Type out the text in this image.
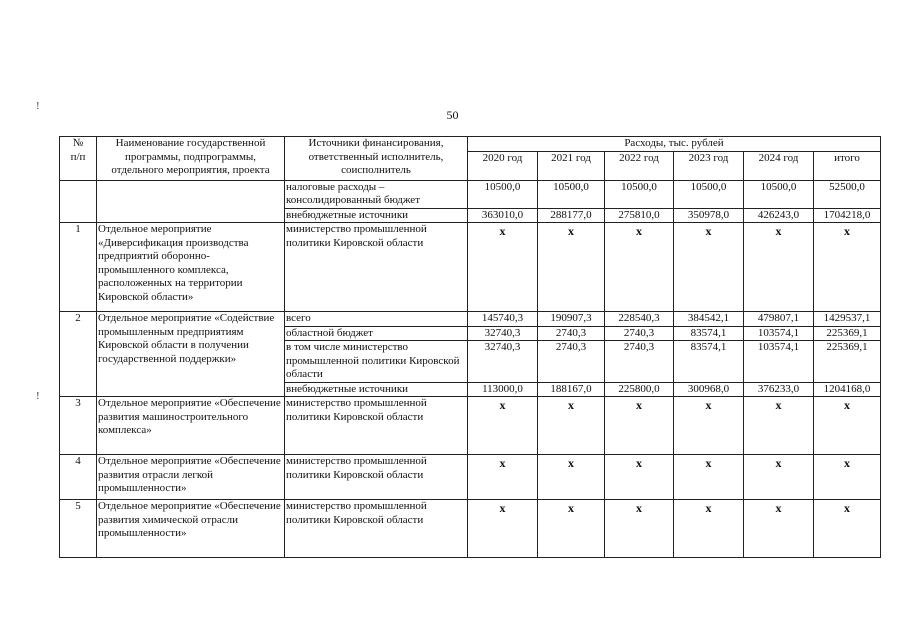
!
!
50
№
п/п	Наименование государственной программы, подпрограммы, отдельного мероприятия, проекта	Источники финансирования, ответственный исполнитель, соисполнитель	Расходы, тыс. рублей					
			2020 год	2021 год	2022 год	2023 год	2024 год	итого
		налоговые расходы – консолидированный бюджет	10500,0	10500,0	10500,0	10500,0	10500,0	52500,0
		внебюджетные источники	363010,0	288177,0	275810,0	350978,0	426243,0	1704218,0
1	Отдельное мероприятие «Диверсификация производства предприятий оборонно-промышленного комплекса, расположенных на территории Кировской области»	министерство промышленной политики Кировской области	x	x	x	x	x	x
2	Отдельное мероприятие «Содействие промышленным предприятиям Кировской области в получении государственной поддержки»	всего	145740,3	190907,3	228540,3	384542,1	479807,1	1429537,1
		областной бюджет	32740,3	2740,3	2740,3	83574,1	103574,1	225369,1
		в том числе министерство промышленной политики Кировской области	32740,3	2740,3	2740,3	83574,1	103574,1	225369,1
		внебюджетные источники	113000,0	188167,0	225800,0	300968,0	376233,0	1204168,0
3	Отдельное мероприятие «Обеспечение развития машиностроительного комплекса»	министерство промышленной политики Кировской области	x	x	x	x	x	x
4	Отдельное мероприятие «Обеспечение развития отрасли легкой промышленности»	министерство промышленной политики Кировской области	x	x	x	x	x	x
5	Отдельное мероприятие «Обеспечение развития химической отрасли промышленности»	министерство промышленной политики Кировской области	x	x	x	x	x	x
